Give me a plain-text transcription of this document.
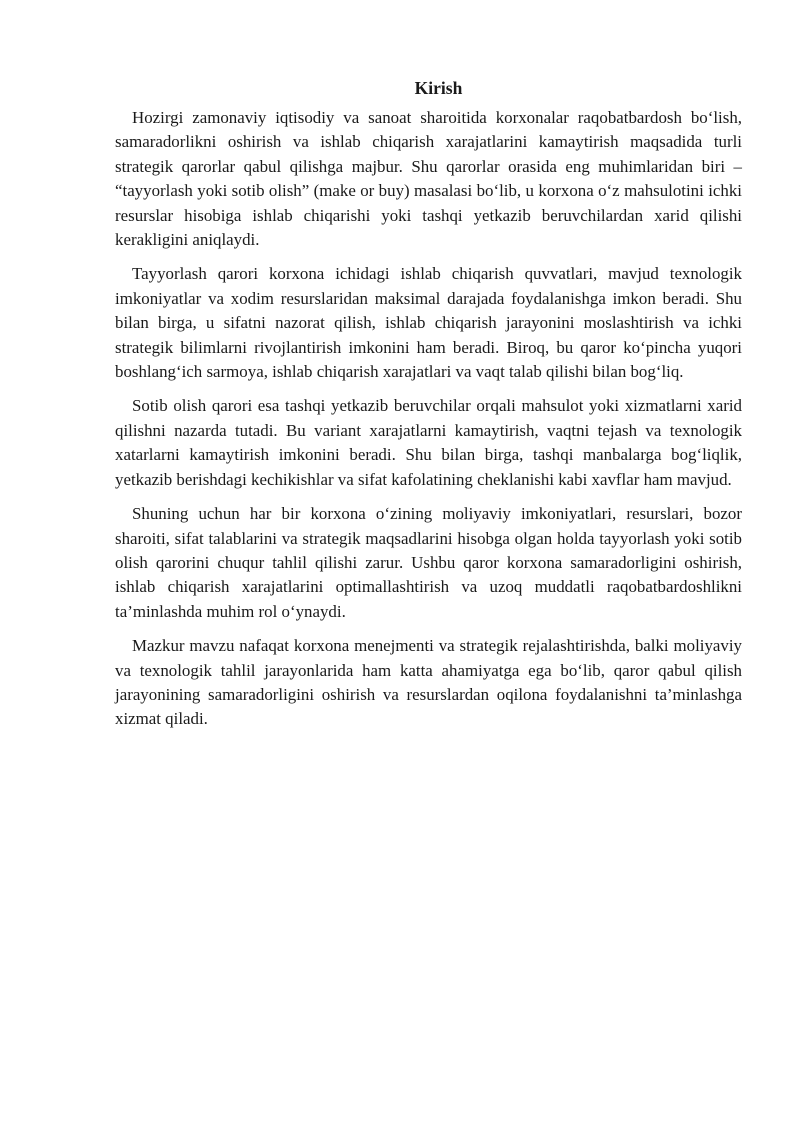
Kirish

Hozirgi zamonaviy iqtisodiy va sanoat sharoitida korxonalar raqobatbardosh bo‘lish, samaradorlikni oshirish va ishlab chiqarish xarajatlarini kamaytirish maqsadida turli strategik qarorlar qabul qilishga majbur. Shu qarorlar orasida eng muhimlaridan biri – “tayyorlash yoki sotib olish” (make or buy) masalasi bo‘lib, u korxona o‘z mahsulotini ichki resurslar hisobiga ishlab chiqarishi yoki tashqi yetkazib beruvchilardan xarid qilishi kerakligini aniqlaydi.

Tayyorlash qarori korxona ichidagi ishlab chiqarish quvvatlari, mavjud texnologik imkoniyatlar va xodim resurslaridan maksimal darajada foydalanishga imkon beradi. Shu bilan birga, u sifatni nazorat qilish, ishlab chiqarish jarayonini moslashtirish va ichki strategik bilimlarni rivojlantirish imkonini ham beradi. Biroq, bu qaror ko‘pincha yuqori boshlang‘ich sarmoya, ishlab chiqarish xarajatlari va vaqt talab qilishi bilan bog‘liq.

Sotib olish qarori esa tashqi yetkazib beruvchilar orqali mahsulot yoki xizmatlarni xarid qilishni nazarda tutadi. Bu variant xarajatlarni kamaytirish, vaqtni tejash va texnologik xatarlarni kamaytirish imkonini beradi. Shu bilan birga, tashqi manbalarga bog‘liqlik, yetkazib berishdagi kechikishlar va sifat kafolatining cheklanishi kabi xavflar ham mavjud.

Shuning uchun har bir korxona o‘zining moliyaviy imkoniyatlari, resurslari, bozor sharoiti, sifat talablarini va strategik maqsadlarini hisobga olgan holda tayyorlash yoki sotib olish qarorini chuqur tahlil qilishi zarur. Ushbu qaror korxona samaradorligini oshirish, ishlab chiqarish xarajatlarini optimallashtirish va uzoq muddatli raqobatbardoshlikni ta’minlashda muhim rol o‘ynaydi.

Mazkur mavzu nafaqat korxona menejmenti va strategik rejalashtirishda, balki moliyaviy va texnologik tahlil jarayonlarida ham katta ahamiyatga ega bo‘lib, qaror qabul qilish jarayonining samaradorligini oshirish va resurslardan oqilona foydalanishni ta’minlashga xizmat qiladi.
